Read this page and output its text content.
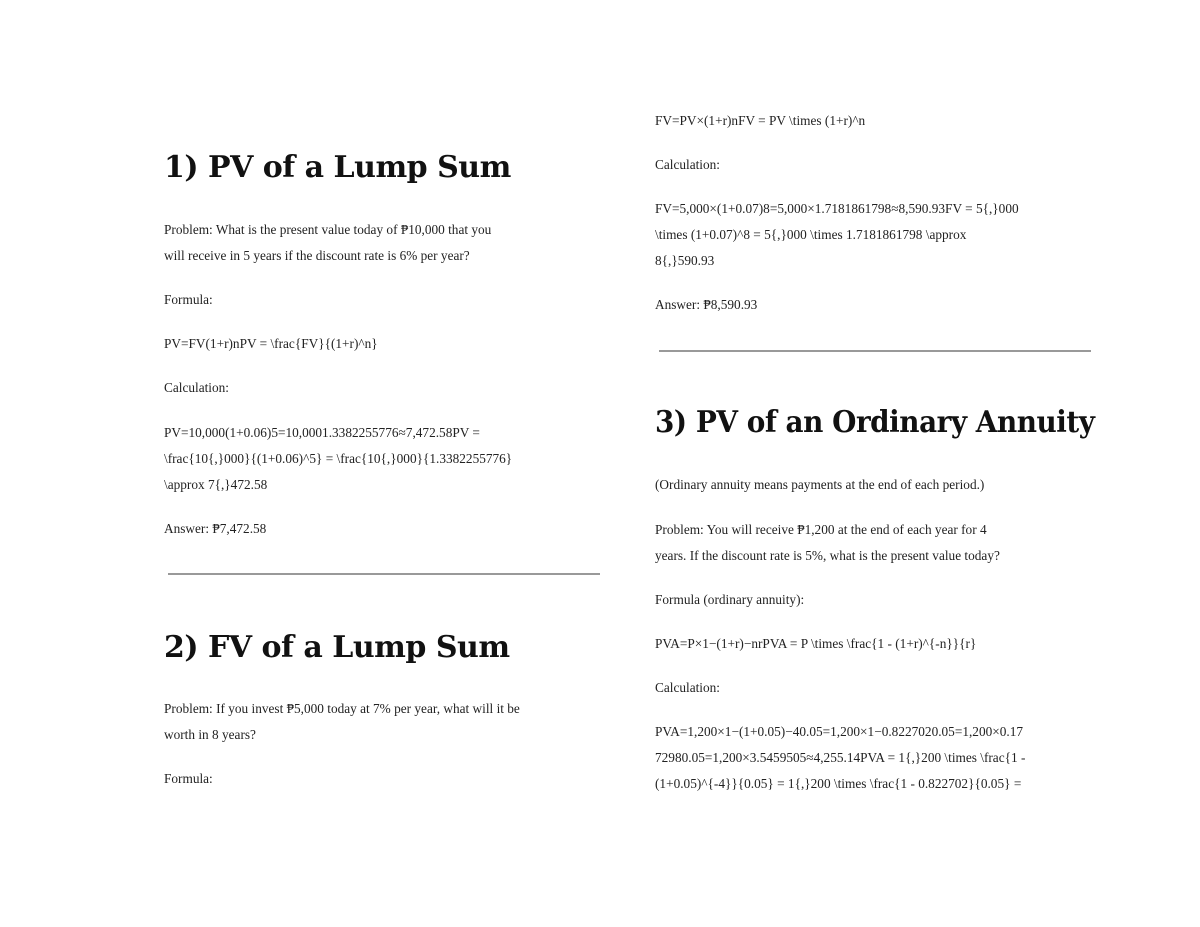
1) PV of a Lump Sum

Problem: What is the present value today of ₱10,000 that you

will receive in 5 years if the discount rate is 6% per year?

Formula:

PV=FV(1+r)nPV = \frac{FV}{(1+r)^n}

Calculation:

PV=10,000(1+0.06)5=10,0001.3382255776≈7,472.58PV =

\frac{10{,}000}{(1+0.06)^5} = \frac{10{,}000}{1.3382255776}

\approx 7{,}472.58

Answer: ₱7,472.58

2) FV of a Lump Sum

Problem: If you invest ₱5,000 today at 7% per year, what will it be

worth in 8 years?

Formula:

FV=PV×(1+r)nFV = PV \times (1+r)^n

Calculation:

FV=5,000×(1+0.07)8=5,000×1.7181861798≈8,590.93FV = 5{,}000

\times (1+0.07)^8 = 5{,}000 \times 1.7181861798 \approx

8{,}590.93

Answer: ₱8,590.93

3) PV of an Ordinary Annuity

(Ordinary annuity means payments at the end of each period.)

Problem: You will receive ₱1,200 at the end of each year for 4

years. If the discount rate is 5%, what is the present value today?

Formula (ordinary annuity):

PVA=P×1−(1+r)−nrPVA = P \times \frac{1 - (1+r)^{-n}}{r}

Calculation:

PVA=1,200×1−(1+0.05)−40.05=1,200×1−0.8227020.05=1,200×0.17

72980.05=1,200×3.5459505≈4,255.14PVA = 1{,}200 \times \frac{1 -

(1+0.05)^{-4}}{0.05} = 1{,}200 \times \frac{1 - 0.822702}{0.05} =
